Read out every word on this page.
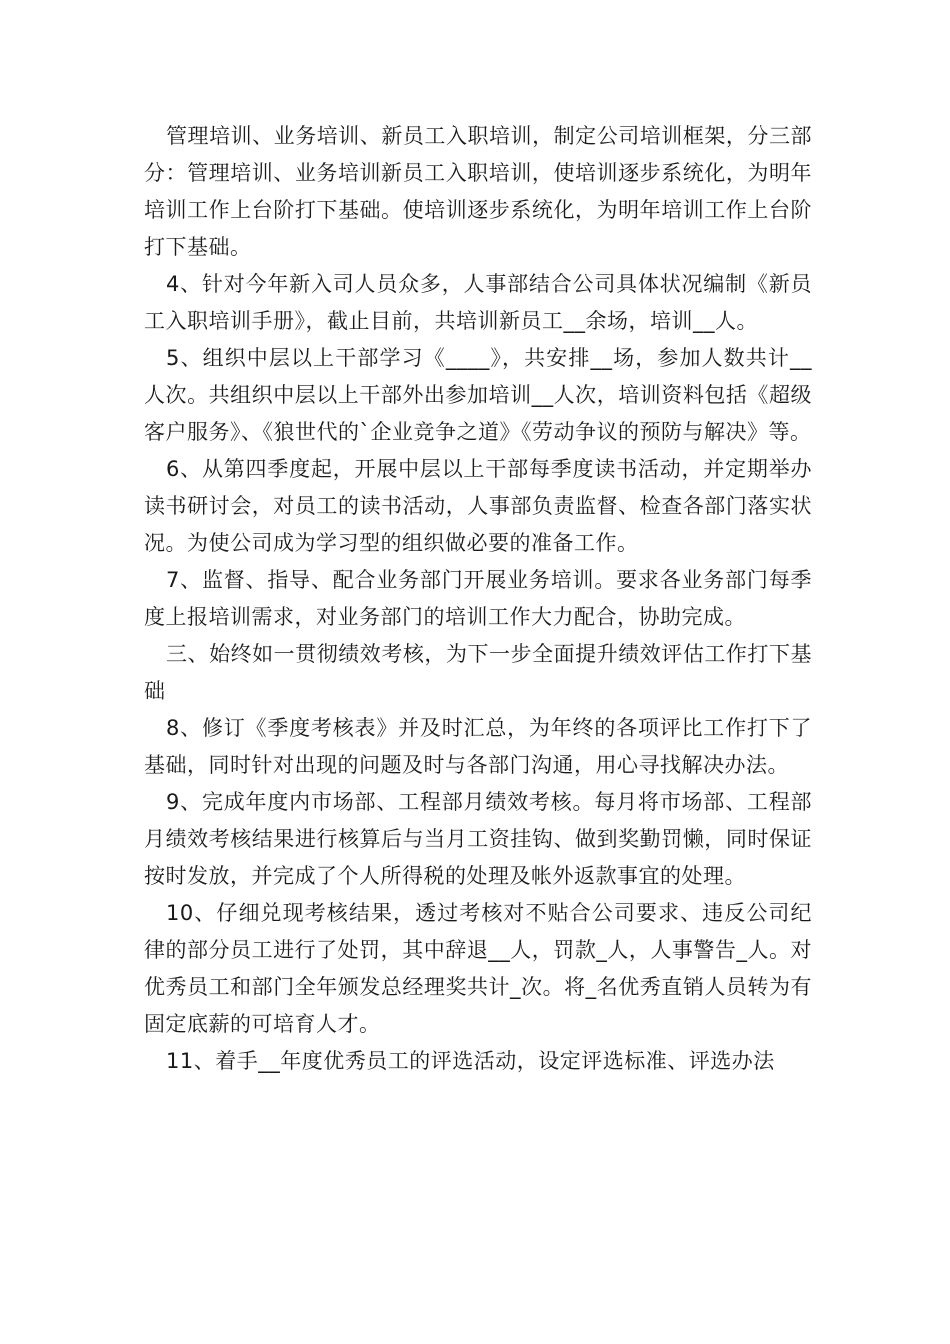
管理培训、业务培训、新员工入职培训，制定公司培训框架，分三部分：管理培训、业务培训新员工入职培训，使培训逐步系统化，为明年培训工作上台阶打下基础。使培训逐步系统化，为明年培训工作上台阶打下基础。

4、针对今年新入司人员众多，人事部结合公司具体状况编制《新员工入职培训手册》，截止目前，共培训新员工__余场，培训__人。

5、组织中层以上干部学习《____》，共安排__场，参加人数共计__人次。共组织中层以上干部外出参加培训__人次，培训资料包括《超级客户服务》、《狼世代的`企业竞争之道》《劳动争议的预防与解决》等。

6、从第四季度起，开展中层以上干部每季度读书活动，并定期举办读书研讨会，对员工的读书活动，人事部负责监督、检查各部门落实状况。为使公司成为学习型的组织做必要的准备工作。

7、监督、指导、配合业务部门开展业务培训。要求各业务部门每季度上报培训需求，对业务部门的培训工作大力配合，协助完成。

三、始终如一贯彻绩效考核，为下一步全面提升绩效评估工作打下基础

8、修订《季度考核表》并及时汇总，为年终的各项评比工作打下了基础，同时针对出现的问题及时与各部门沟通，用心寻找解决办法。

9、完成年度内市场部、工程部月绩效考核。每月将市场部、工程部月绩效考核结果进行核算后与当月工资挂钩、做到奖勤罚懒，同时保证按时发放，并完成了个人所得税的处理及帐外返款事宜的处理。

10、仔细兑现考核结果，透过考核对不贴合公司要求、违反公司纪律的部分员工进行了处罚，其中辞退__人，罚款_人，人事警告_人。对优秀员工和部门全年颁发总经理奖共计_次。将_名优秀直销人员转为有固定底薪的可培育人才。

11、着手__年度优秀员工的评选活动，设定评选标准、评选办法
